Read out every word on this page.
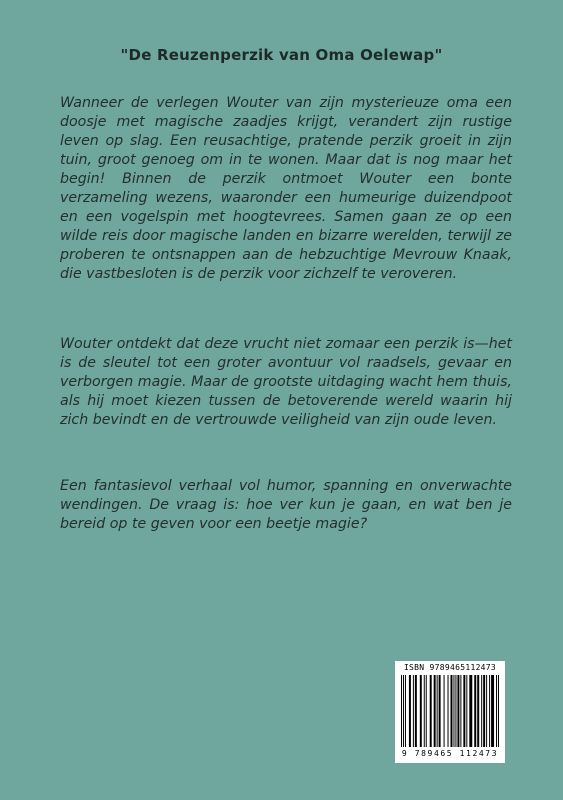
"De Reuzenperzik van Oma Oelewap"

Wanneer de verlegen Wouter van zijn mysterieuze oma een doosje met magische zaadjes krijgt, verandert zijn rustige leven op slag. Een reusachtige, pratende perzik groeit in zijn tuin, groot genoeg om in te wonen. Maar dat is nog maar het begin! Binnen de perzik ontmoet Wouter een bonte verzameling wezens, waaronder een humeurige duizendpoot en een vogelspin met hoogtevrees. Samen gaan ze op een wilde reis door magische landen en bizarre werelden, terwijl ze proberen te ontsnappen aan de hebzuchtige Mevrouw Knaak, die vastbesloten is de perzik voor zichzelf te veroveren.

Wouter ontdekt dat deze vrucht niet zomaar een perzik is—het is de sleutel tot een groter avontuur vol raadsels, gevaar en verborgen magie. Maar de grootste uitdaging wacht hem thuis, als hij moet kiezen tussen de betoverende wereld waarin hij zich bevindt en de vertrouwde veiligheid van zijn oude leven.

Een fantasievol verhaal vol humor, spanning en onverwachte wendingen. De vraag is: hoe ver kun je gaan, en wat ben je bereid op te geven voor een beetje magie?

ISBN 9789465112473
9 789465 112473
